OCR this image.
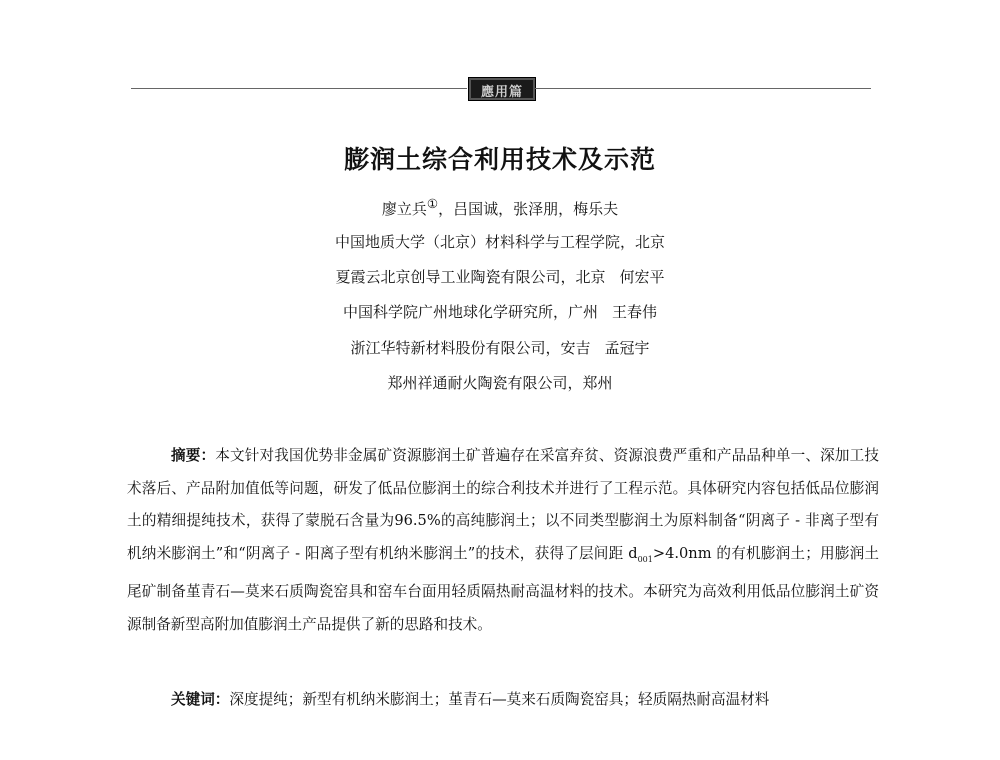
應用篇
膨润土综合利用技术及示范
廖立兵①，吕国诚，张泽朋，梅乐夫
中国地质大学（北京）材料科学与工程学院，北京
夏霞云北京创导工业陶瓷有限公司，北京 何宏平
中国科学院广州地球化学研究所，广州 王春伟
浙江华特新材料股份有限公司，安吉 孟冠宇
郑州祥通耐火陶瓷有限公司，郑州

摘要：本文针对我国优势非金属矿资源膨润土矿普遍存在采富弃贫、资源浪费严重和产品品种单一、深加工技术落后、产品附加值低等问题，研发了低品位膨润土的综合利技术并进行了工程示范。具体研究内容包括低品位膨润土的精细提纯技术，获得了蒙脱石含量为96.5%的高纯膨润土；以不同类型膨润土为原料制备“阴离子 - 非离子型有机纳米膨润土”和“阴离子 - 阳离子型有机纳米膨润土”的技术，获得了层间距 $d_{001}>4.0nm$ 的有机膨润土；用膨润土尾矿制备堇青石—莫来石质陶瓷窑具和窑车台面用轻质隔热耐高温材料的技术。本研究为高效利用低品位膨润土矿资源制备新型高附加值膨润土产品提供了新的思路和技术。

关键词：深度提纯；新型有机纳米膨润土；堇青石—莫来石质陶瓷窑具；轻质隔热耐高温材料
